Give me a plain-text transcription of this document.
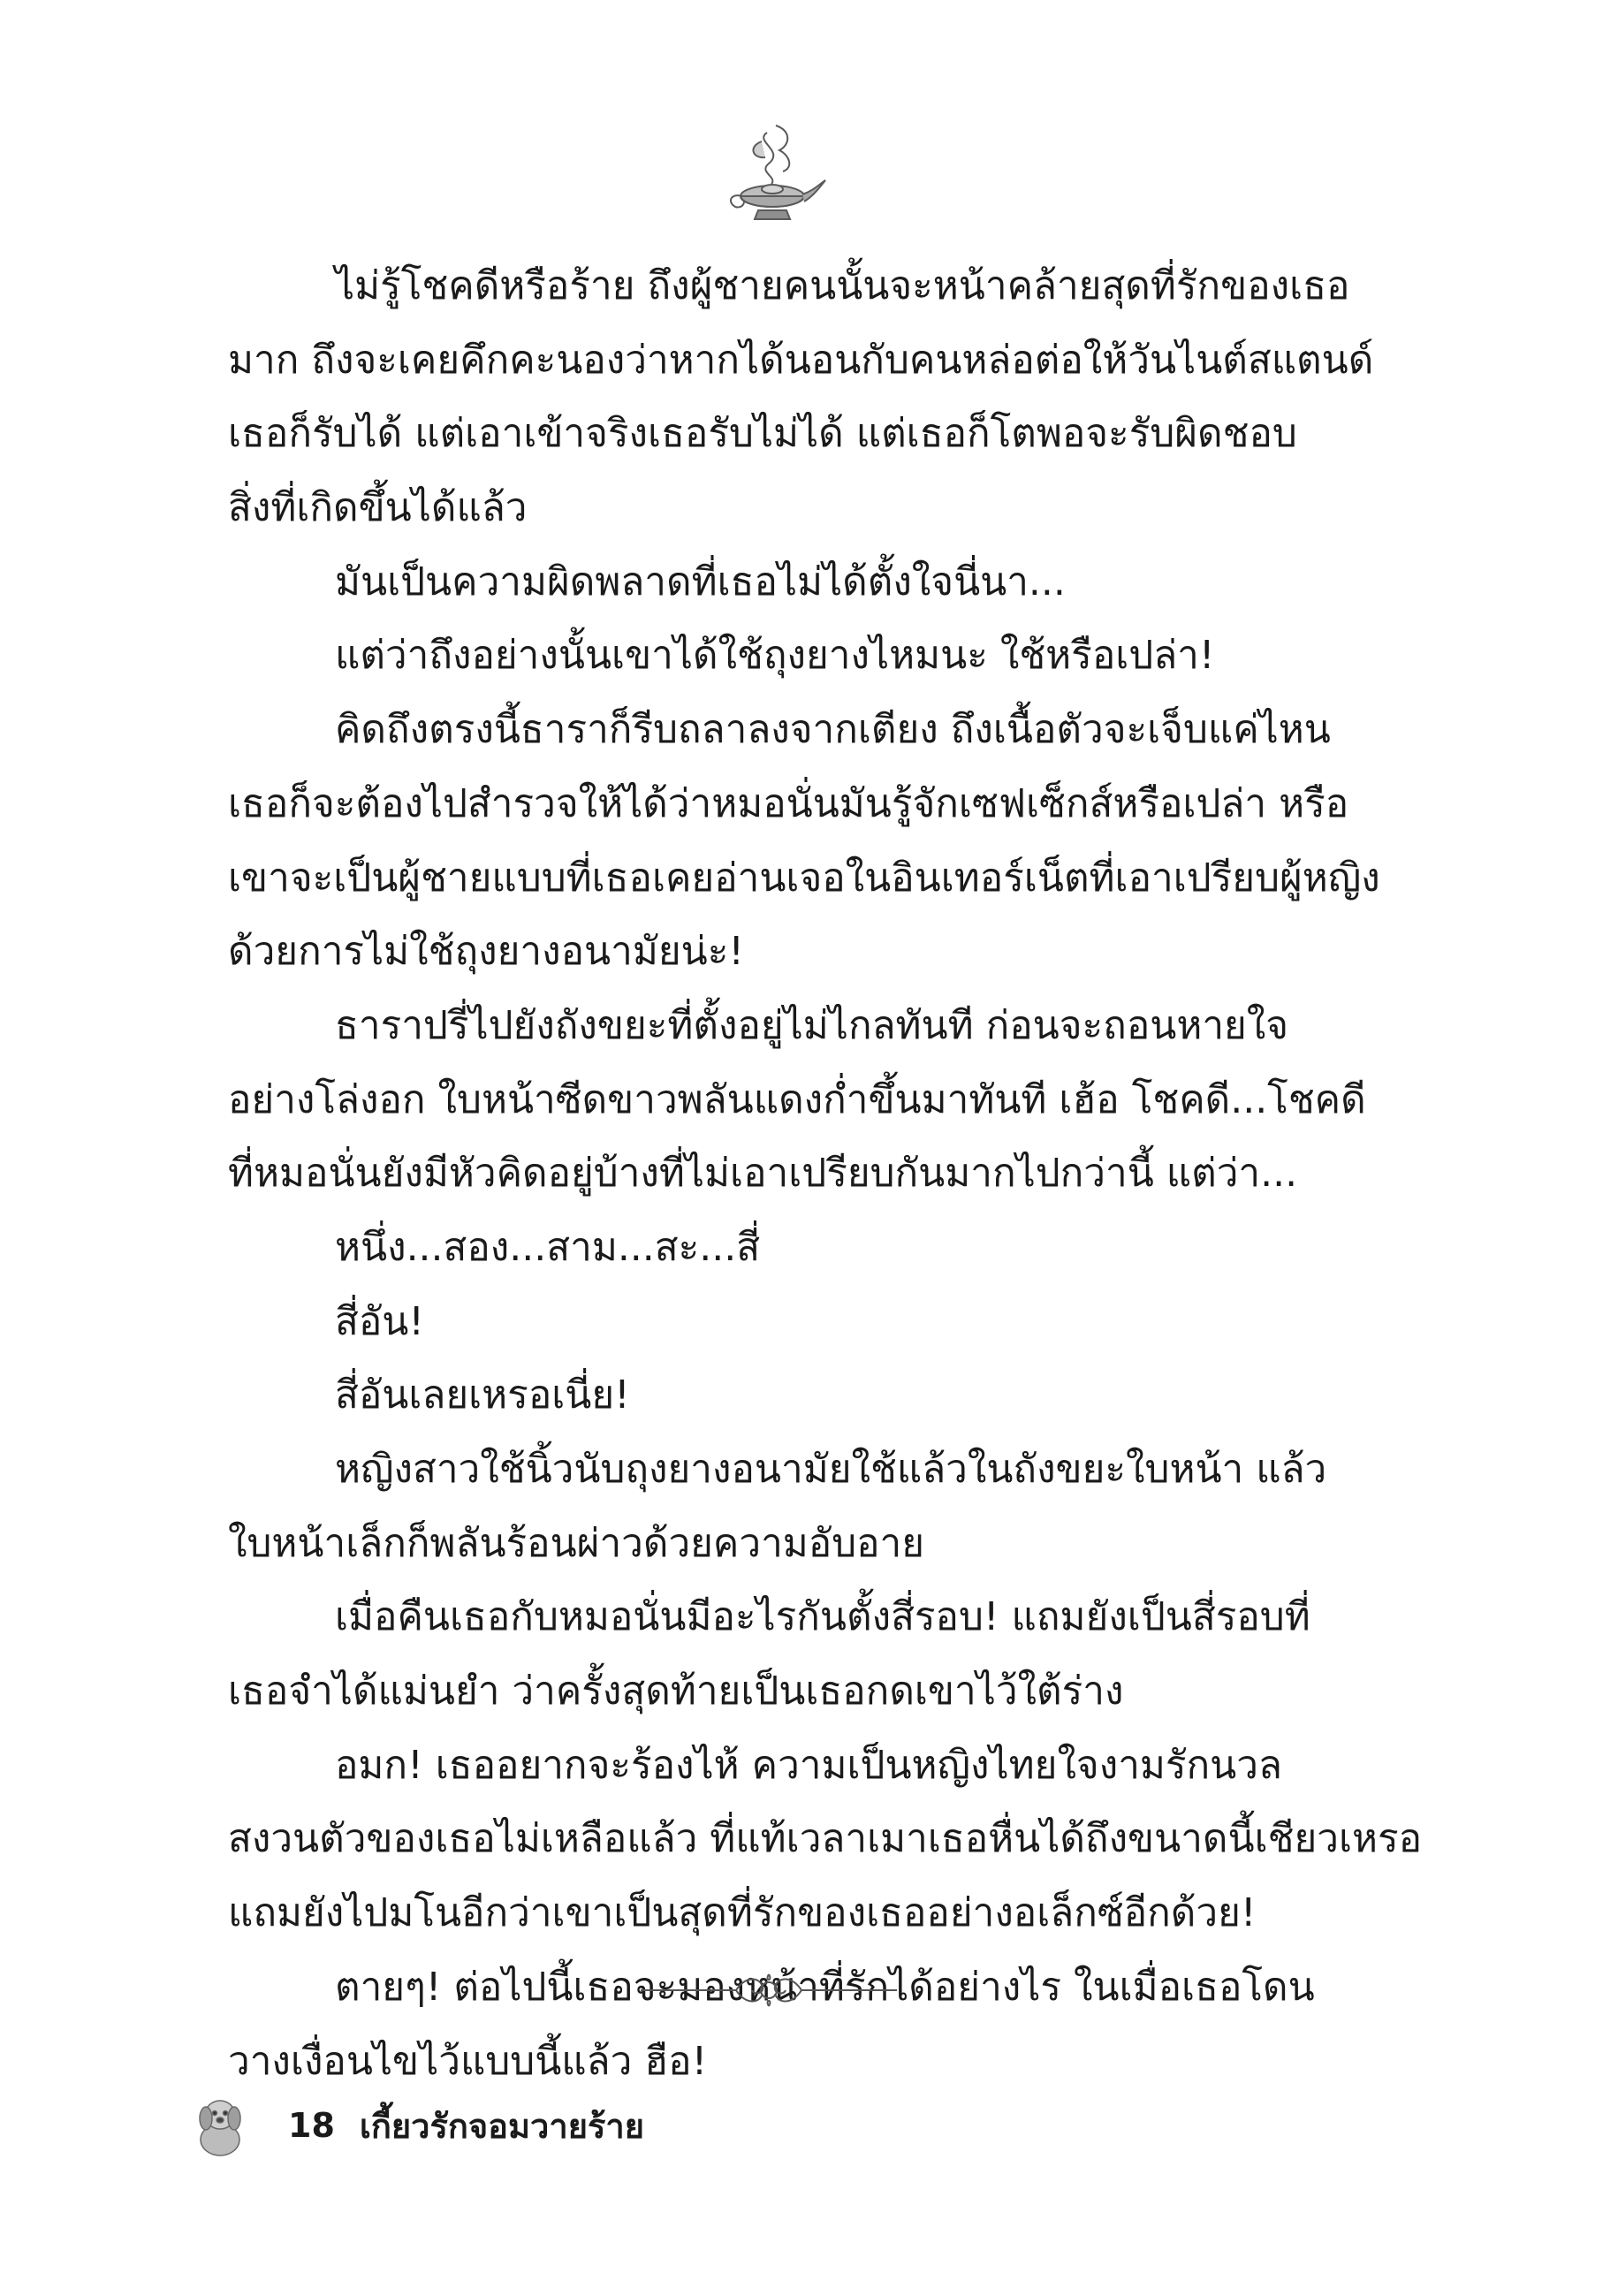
ไม่รู้โชคดีหรือร้าย ถึงผู้ชายคนนั้นจะหน้าคล้ายสุดที่รักของเธอ
มาก ถึงจะเคยคึกคะนองว่าหากได้นอนกับคนหล่อต่อให้วันไนต์สแตนด์
เธอก็รับได้ แต่เอาเข้าจริงเธอรับไม่ได้ แต่เธอก็โตพอจะรับผิดชอบ
สิ่งที่เกิดขึ้นได้แล้ว
มันเป็นความผิดพลาดที่เธอไม่ได้ตั้งใจนี่นา...
แต่ว่าถึงอย่างนั้นเขาได้ใช้ถุงยางไหมนะ ใช้หรือเปล่า!
คิดถึงตรงนี้ธาราก็รีบถลาลงจากเตียง ถึงเนื้อตัวจะเจ็บแค่ไหน
เธอก็จะต้องไปสำรวจให้ได้ว่าหมอนั่นมันรู้จักเซฟเซ็กส์หรือเปล่า หรือ
เขาจะเป็นผู้ชายแบบที่เธอเคยอ่านเจอในอินเทอร์เน็ตที่เอาเปรียบผู้หญิง
ด้วยการไม่ใช้ถุงยางอนามัยน่ะ!
ธาราปรี่ไปยังถังขยะที่ตั้งอยู่ไม่ไกลทันที ก่อนจะถอนหายใจ
อย่างโล่งอก ใบหน้าซีดขาวพลันแดงก่ำขึ้นมาทันที เฮ้อ โชคดี...โชคดี
ที่หมอนั่นยังมีหัวคิดอยู่บ้างที่ไม่เอาเปรียบกันมากไปกว่านี้ แต่ว่า...
หนึ่ง...สอง...สาม...สะ...สี่
สี่อัน!
สี่อันเลยเหรอเนี่ย!
หญิงสาวใช้นิ้วนับถุงยางอนามัยใช้แล้วในถังขยะใบหน้า แล้ว
ใบหน้าเล็กก็พลันร้อนผ่าวด้วยความอับอาย
เมื่อคืนเธอกับหมอนั่นมีอะไรกันตั้งสี่รอบ! แถมยังเป็นสี่รอบที่
เธอจำได้แม่นยำ ว่าครั้งสุดท้ายเป็นเธอกดเขาไว้ใต้ร่าง
อมก! เธออยากจะร้องไห้ ความเป็นหญิงไทยใจงามรักนวล
สงวนตัวของเธอไม่เหลือแล้ว ที่แท้เวลาเมาเธอหื่นได้ถึงขนาดนี้เชียวเหรอ
แถมยังไปมโนอีกว่าเขาเป็นสุดที่รักของเธออย่างอเล็กซ์อีกด้วย!
ตายๆ! ต่อไปนี้เธอจะมองหน้าที่รักได้อย่างไร ในเมื่อเธอโดน
วางเงื่อนไขไว้แบบนี้แล้ว ฮือ!
18 เกี้ยวรักจอมวายร้าย
